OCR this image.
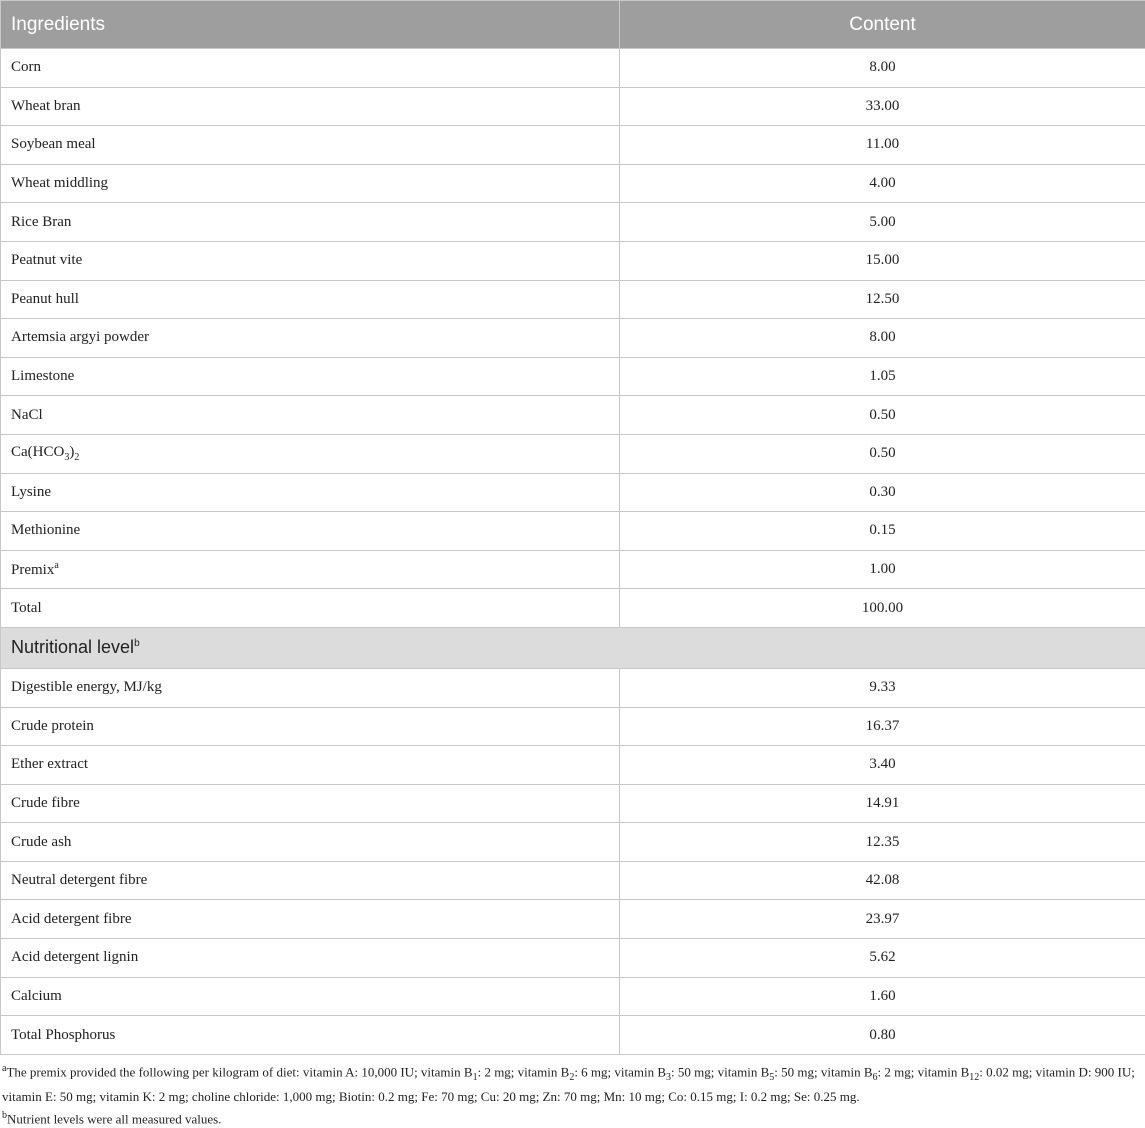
Ingredients	Content
Corn	8.00
Wheat bran	33.00
Soybean meal	11.00
Wheat middling	4.00
Rice Bran	5.00
Peatnut vite	15.00
Peanut hull	12.50
Artemsia argyi powder	8.00
Limestone	1.05
NaCl	0.50
$Ca(HCO_3)_2$	0.50
Lysine	0.30
Methionine	0.15
Premix$^a$	1.00
Total	100.00
Nutritional level$^b$
Digestible energy, MJ/kg	9.33
Crude protein	16.37
Ether extract	3.40
Crude fibre	14.91
Crude ash	12.35
Neutral detergent fibre	42.08
Acid detergent fibre	23.97
Acid detergent lignin	5.62
Calcium	1.60
Total Phosphorus	0.80

$^a$The premix provided the following per kilogram of diet: vitamin A: 10,000 IU; vitamin $B_1$: 2 mg; vitamin $B_2$: 6 mg; vitamin $B_3$: 50 mg; vitamin $B_5$: 50 mg; vitamin $B_6$: 2 mg; vitamin $B_{12}$: 0.02 mg; vitamin D: 900 IU; vitamin E: 50 mg; vitamin K: 2 mg; choline chloride: 1,000 mg; Biotin: 0.2 mg; Fe: 70 mg; Cu: 20 mg; Zn: 70 mg; Mn: 10 mg; Co: 0.15 mg; I: 0.2 mg; Se: 0.25 mg.

$^b$Nutrient levels were all measured values.
